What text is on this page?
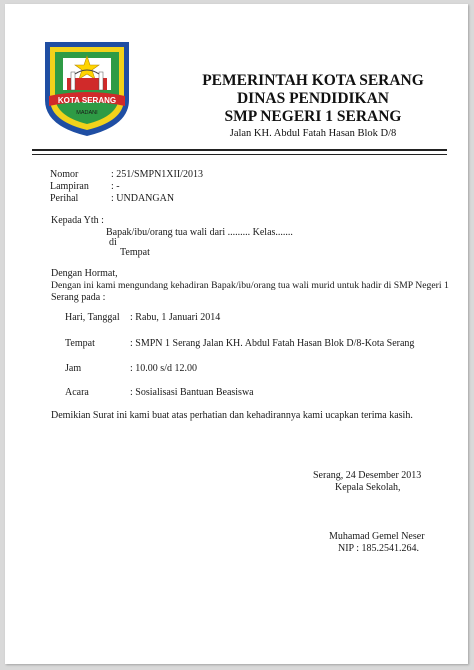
KOTA SERANG
MADANI
PEMERINTAH KOTA SERANG
DINAS PENDIDIKAN
SMP NEGERI 1 SERANG
Jalan KH. Abdul Fatah Hasan Blok D/8
Nomor	: 251/SMPN1XII/2013
Lampiran : -
Perihal	: UNDANGAN
Kepada Yth :
Bapak/ibu/orang tua wali dari ......... Kelas.......
di
Tempat
Dengan Hormat,
Dengan ini kami mengundang kehadiran Bapak/ibu/orang tua wali murid untuk hadir di SMP Negeri 1
Serang pada :
Hari, Tanggal : Rabu, 1 Januari 2014
Tempat	: SMPN 1 Serang Jalan KH. Abdul Fatah Hasan Blok D/8-Kota Serang
Jam	: 10.00 s/d 12.00
Acara	: Sosialisasi Bantuan Beasiswa
Demikian Surat ini kami buat atas perhatian dan kehadirannya kami ucapkan terima kasih.
Serang, 24 Desember 2013
Kepala Sekolah,
Muhamad Gemel Neser
NIP : 185.2541.264.
